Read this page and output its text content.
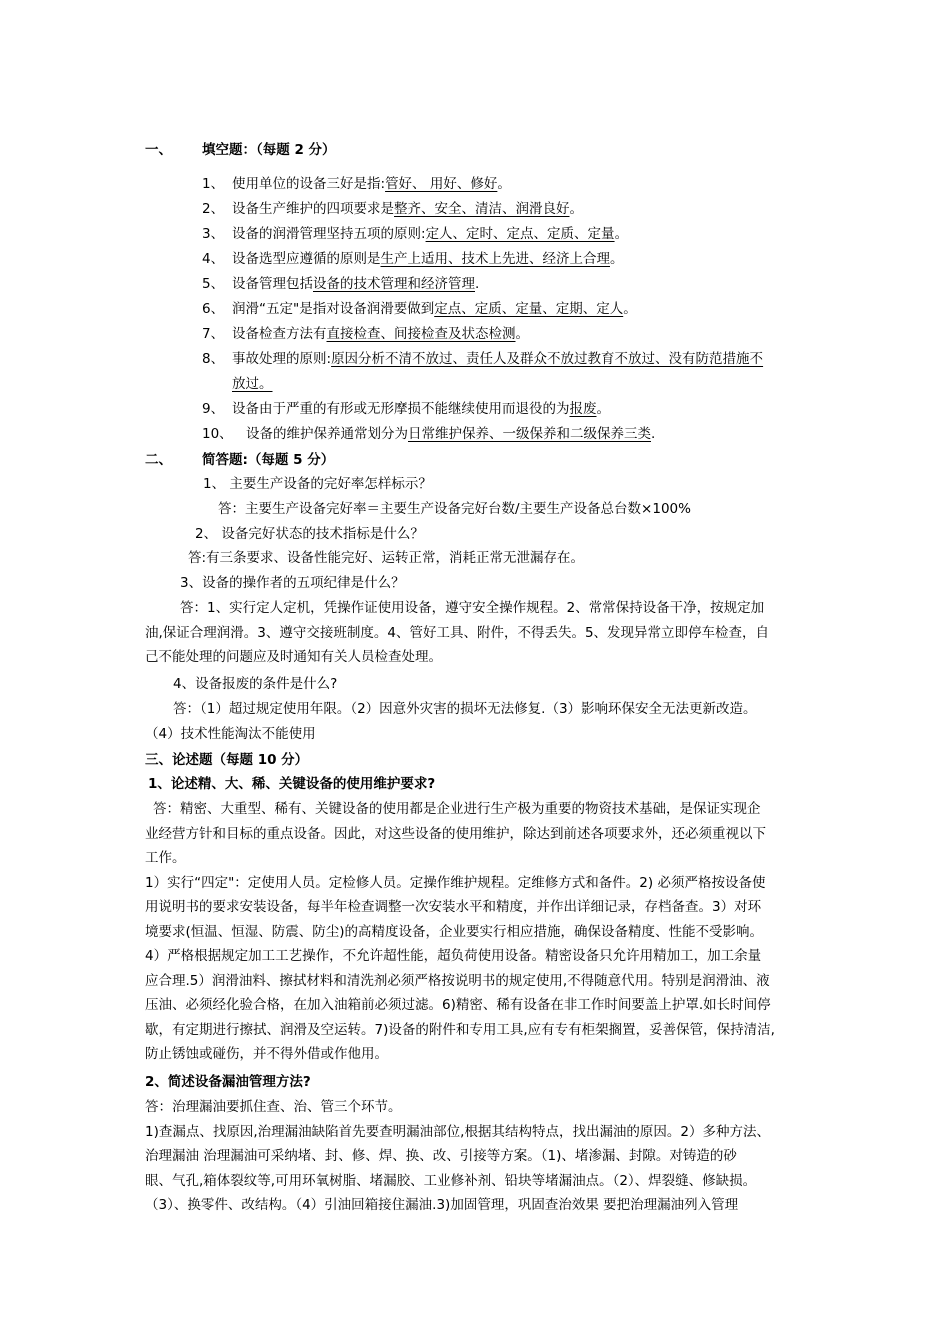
一、 填空题：（每题 2 分）
1、 使用单位的设备三好是指:管好、 用好、修好。
2、 设备生产维护的四项要求是整齐、安全、清洁、润滑良好。
3、 设备的润滑管理坚持五项的原则:定人、定时、定点、定质、定量。
4、 设备选型应遵循的原则是生产上适用、技术上先进、经济上合理。
5、 设备管理包括设备的技术管理和经济管理.
6、 润滑“五定"是指对设备润滑要做到定点、定质、定量、定期、定人。
7、 设备检查方法有直接检查、间接检查及状态检测。
8、 事故处理的原则:原因分析不清不放过、责任人及群众不放过教育不放过、没有防范措施不
放过。
9、 设备由于严重的有形或无形摩损不能继续使用而退役的为报废。
10、 设备的维护保养通常划分为日常维护保养、一级保养和二级保养三类.
二、 简答题:（每题 5 分）
1、 主要生产设备的完好率怎样标示？
答：主要生产设备完好率＝主要生产设备完好台数/主要生产设备总台数×100%
2、 设备完好状态的技术指标是什么？
答:有三条要求、设备性能完好、运转正常，消耗正常无泄漏存在。
3、设备的操作者的五项纪律是什么？
答：1、实行定人定机，凭操作证使用设备，遵守安全操作规程。2、常常保持设备干净，按规定加
油,保证合理润滑。3、遵守交接班制度。4、管好工具、附件，不得丢失。5、发现异常立即停车检查，自
己不能处理的问题应及时通知有关人员检查处理。
4、设备报废的条件是什么?
答：（1）超过规定使用年限。（2）因意外灾害的损坏无法修复.（3）影响环保安全无法更新改造。
（4）技术性能淘汰不能使用
三、论述题（每题 10 分）
1、论述精、大、稀、关键设备的使用维护要求?
答：精密、大重型、稀有、关键设备的使用都是企业进行生产极为重要的物资技术基础，是保证实现企
业经营方针和目标的重点设备。因此，对这些设备的使用维护，除达到前述各项要求外，还必须重视以下
工作。
1）实行“四定"：定使用人员。定检修人员。定操作维护规程。定维修方式和备件。2) 必须严格按设备使
用说明书的要求安装设备，每半年检查调整一次安装水平和精度，并作出详细记录，存档备查。3）对环
境要求(恒温、恒湿、防震、防尘)的高精度设备，企业要实行相应措施，确保设备精度、性能不受影响。
4）严格根据规定加工工艺操作，不允许超性能，超负荷使用设备。精密设备只允许用精加工，加工余量
应合理.5）润滑油料、擦拭材料和清洗剂必须严格按说明书的规定使用,不得随意代用。特别是润滑油、液
压油、必须经化验合格，在加入油箱前必须过滤。6)精密、稀有设备在非工作时间要盖上护罩.如长时间停
歇，有定期进行擦拭、润滑及空运转。7)设备的附件和专用工具,应有专有柜架搁置，妥善保管，保持清洁,
防止锈蚀或碰伤，并不得外借或作他用。
2、简述设备漏油管理方法?
答：治理漏油要抓住查、治、管三个环节。
1)查漏点、找原因,治理漏油缺陷首先要查明漏油部位,根据其结构特点，找出漏油的原因。2）多种方法、
治理漏油 治理漏油可采纳堵、封、修、焊、换、改、引接等方案。（1)、堵渗漏、封隙。对铸造的砂
眼、气孔,箱体裂纹等,可用环氧树脂、堵漏胶、工业修补剂、铅块等堵漏油点。（2）、焊裂缝、修缺损。
（3）、换零件、改结构。（4）引油回箱接住漏油.3)加固管理，巩固查治效果 要把治理漏油列入管理
